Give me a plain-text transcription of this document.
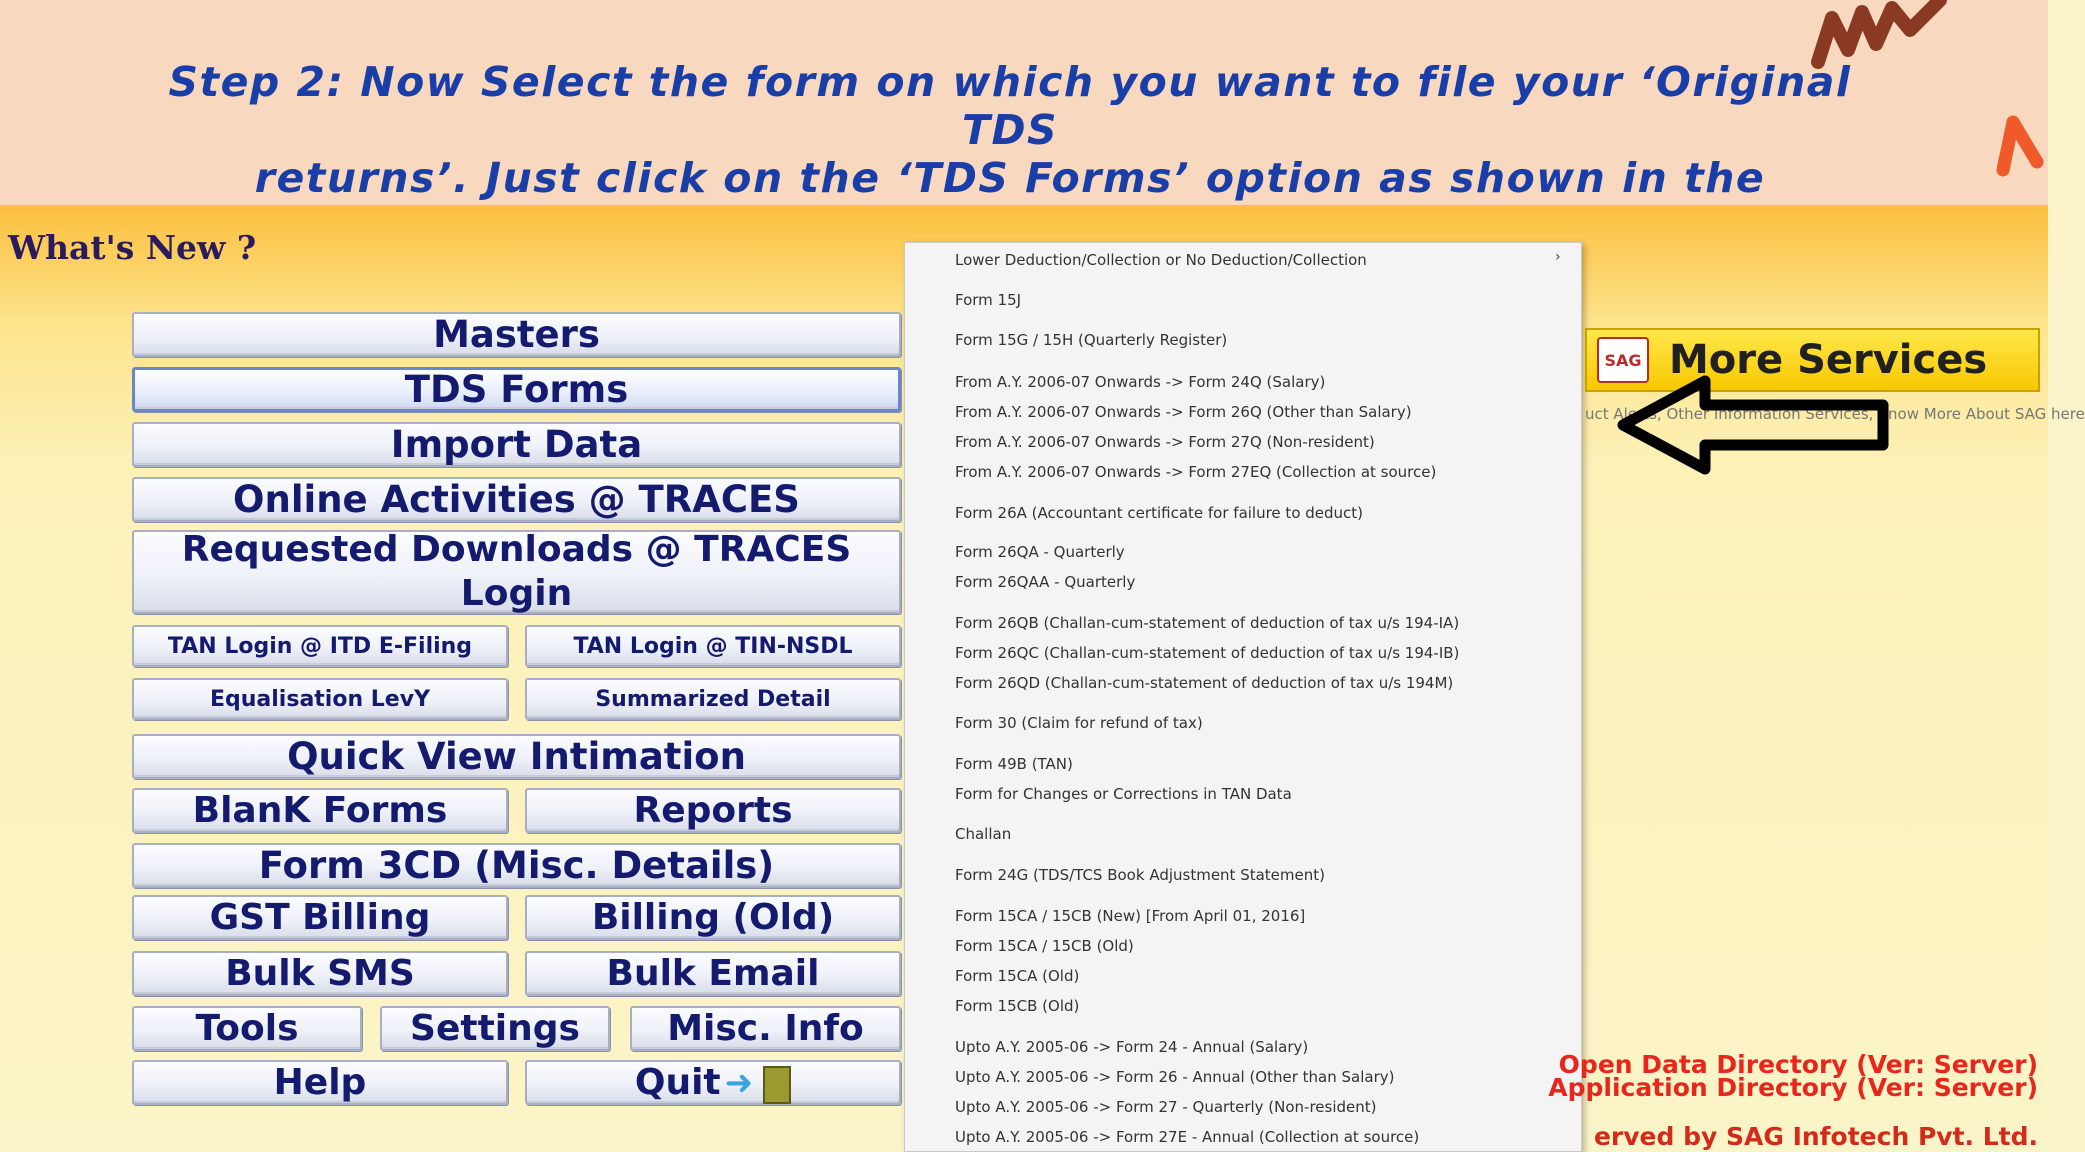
Step 2: Now Select the form on which you want to file your ‘Original TDS
returns’. Just click on the ‘TDS Forms’ option as shown in the
What's New ?
Masters
TDS Forms
Import Data
Online Activities @ TRACES
Requested Downloads @ TRACES
Login
TAN Login @ ITD E-Filing	TAN Login @ TIN-NSDL
Equalisation LevY	Summarized Detail
Quick View Intimation
BlanK Forms	Reports
Form 3CD (Misc. Details)
GST Billing	Billing (Old)
Bulk SMS	Bulk Email
Tools	Settings Misc. Info
Help	Quit ➜
Lower Deduction/Collection or No Deduction/Collection
Form 15J
Form 15G / 15H (Quarterly Register)
From A.Y. 2006-07 Onwards -> Form 24Q (Salary)
From A.Y. 2006-07 Onwards -> Form 26Q (Other than Salary)
From A.Y. 2006-07 Onwards -> Form 27Q (Non-resident)
From A.Y. 2006-07 Onwards -> Form 27EQ (Collection at source)
Form 26A (Accountant certificate for failure to deduct)
Form 26QA - Quarterly
Form 26QAA - Quarterly
Form 26QB (Challan-cum-statement of deduction of tax u/s 194-IA)
Form 26QC (Challan-cum-statement of deduction of tax u/s 194-IB)
Form 26QD (Challan-cum-statement of deduction of tax u/s 194M)
Form 30 (Claim for refund of tax)
Form 49B (TAN)
Form for Changes or Corrections in TAN Data
Challan
Form 24G (TDS/TCS Book Adjustment Statement)
Form 15CA / 15CB (New) [From April 01, 2016]
Form 15CA / 15CB (Old)
Form 15CA (Old)
Form 15CB (Old)
Upto A.Y. 2005-06 -> Form 24 - Annual (Salary)
Upto A.Y. 2005-06 -> Form 26 - Annual (Other than Salary)
Upto A.Y. 2005-06 -> Form 27 - Quarterly (Non-resident)
Upto A.Y. 2005-06 -> Form 27E - Annual (Collection at source)
›
SAG More Services
uct Alerts, Other Information Services, Know More About SAG here
Open Data Directory (Ver: Server)
Application Directory (Ver: Server)
erved by SAG Infotech Pvt. Ltd.
